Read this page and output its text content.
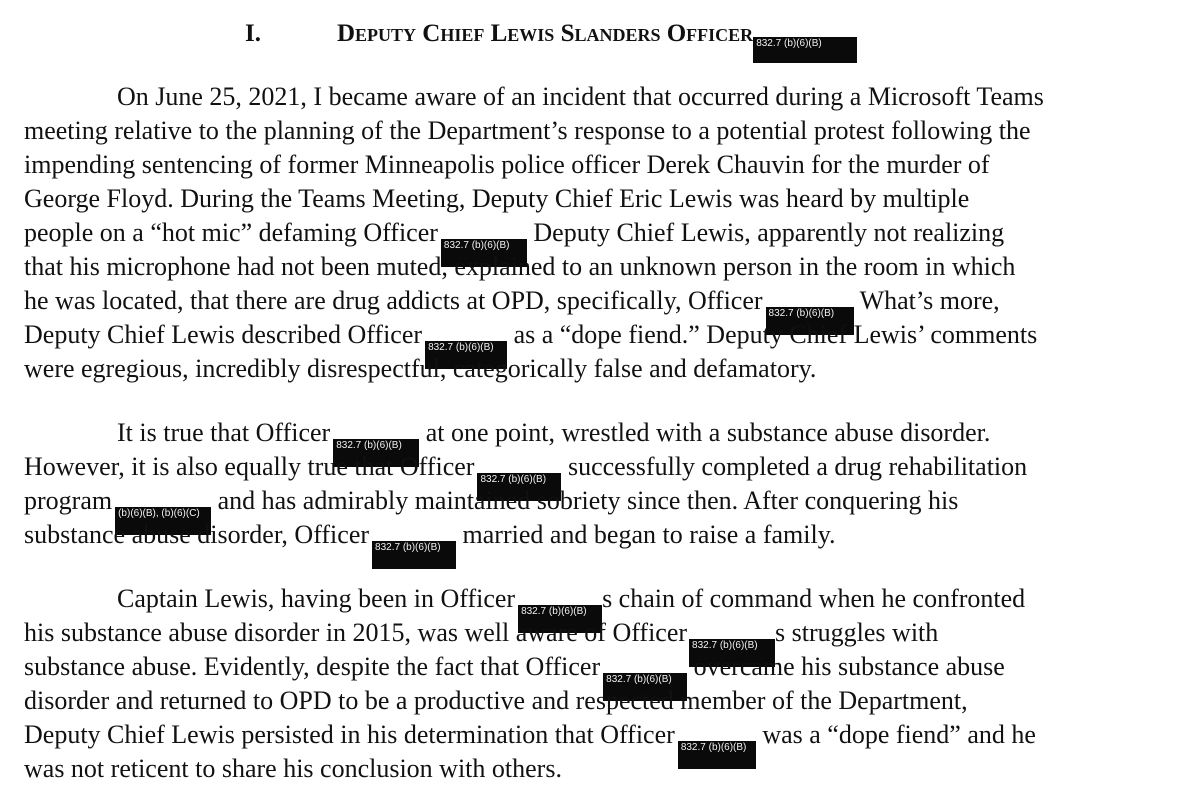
I.	Deputy Chief Lewis Slanders Officer 832.7 (b)(6)(B)
On June 25, 2021, I became aware of an incident that occurred during a Microsoft Teams
meeting relative to the planning of the Department’s response to a potential protest following the
impending sentencing of former Minneapolis police officer Derek Chauvin for the murder of
George Floyd. During the Teams Meeting, Deputy Chief Eric Lewis was heard by multiple
people on a “hot mic” defaming Officer 832.7 (b)(6)(B) Deputy Chief Lewis, apparently not realizing
that his microphone had not been muted, explained to an unknown person in the room in which
he was located, that there are drug addicts at OPD, specifically, Officer 832.7 (b)(6)(B) What’s more,
Deputy Chief Lewis described Officer 832.7 (b)(6)(B) as a “dope fiend.” Deputy Chief Lewis’ comments
were egregious, incredibly disrespectful, categorically false and defamatory.
It is true that Officer 832.7 (b)(6)(B) at one point, wrestled with a substance abuse disorder.
However, it is also equally true that Officer 832.7 (b)(6)(B) successfully completed a drug rehabilitation
program (b)(6)(B), (b)(6)(C) and has admirably maintained sobriety since then. After conquering his
substance abuse disorder, Officer 832.7 (b)(6)(B) married and began to raise a family.
Captain Lewis, having been in Officer 832.7 (b)(6)(B) s chain of command when he confronted
his substance abuse disorder in 2015, was well aware of Officer 832.7 (b)(6)(B) s struggles with
substance abuse. Evidently, despite the fact that Officer 832.7 (b)(6)(B) overcame his substance abuse
disorder and returned to OPD to be a productive and respected member of the Department,
Deputy Chief Lewis persisted in his determination that Officer 832.7 (b)(6)(B) was a “dope fiend” and he
was not reticent to share his conclusion with others.
